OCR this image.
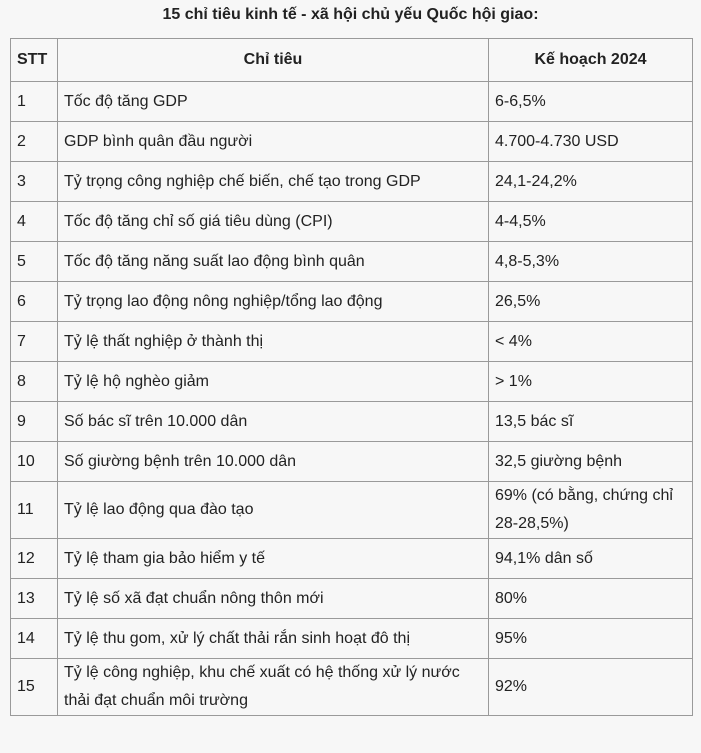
15 chỉ tiêu kinh tế - xã hội chủ yếu Quốc hội giao:
STT	Chỉ tiêu	Kế hoạch 2024
1	Tốc độ tăng GDP	6-6,5%
2	GDP bình quân đầu người	4.700-4.730 USD
3	Tỷ trọng công nghiệp chế biến, chế tạo trong GDP	24,1-24,2%
4	Tốc độ tăng chỉ số giá tiêu dùng (CPI)	4-4,5%
5	Tốc độ tăng năng suất lao động bình quân	4,8-5,3%
6	Tỷ trọng lao động nông nghiệp/tổng lao động	26,5%
7	Tỷ lệ thất nghiệp ở thành thị	< 4%
8	Tỷ lệ hộ nghèo giảm	> 1%
9	Số bác sĩ trên 10.000 dân	13,5 bác sĩ
10	Số giường bệnh trên 10.000 dân	32,5 giường bệnh
11	Tỷ lệ lao động qua đào tạo	69% (có bằng, chứng chỉ 28-28,5%)
12	Tỷ lệ tham gia bảo hiểm y tế	94,1% dân số
13	Tỷ lệ số xã đạt chuẩn nông thôn mới	80%
14	Tỷ lệ thu gom, xử lý chất thải rắn sinh hoạt đô thị	95%
15	Tỷ lệ công nghiệp, khu chế xuất có hệ thống xử lý nước thải đạt chuẩn môi trường	92%
